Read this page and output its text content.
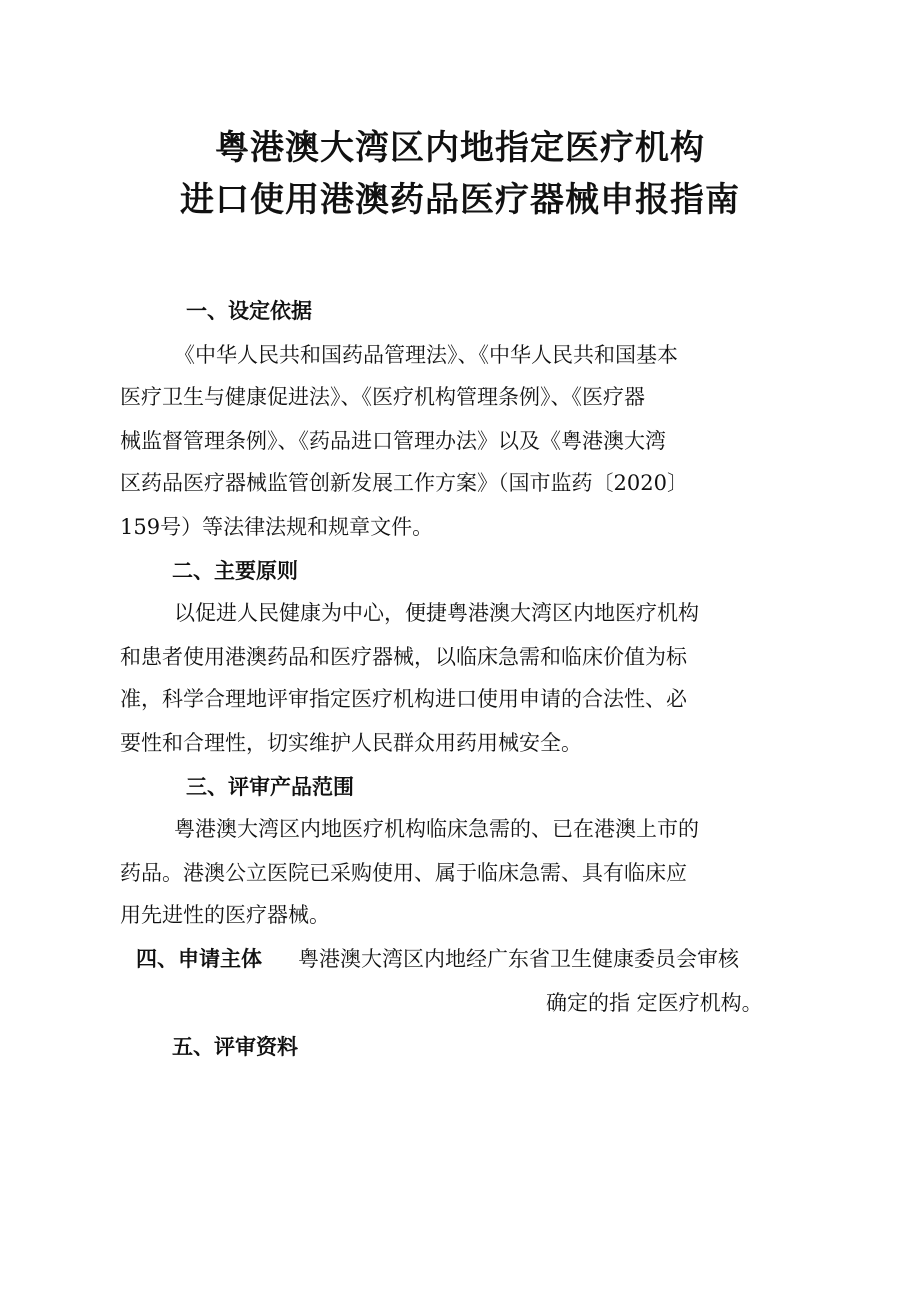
粤港澳大湾区内地指定医疗机构
进口使用港澳药品医疗器械申报指南
一、设定依据
《中华人民共和国药品管理法》、《中华人民共和国基本
医疗卫生与健康促进法》、《医疗机构管理条例》、《医疗器
械监督管理条例》、《药品进口管理办法》以及《粤港澳大湾
区药品医疗器械监管创新发展工作方案》（国市监药〔2020〕
159号）等法律法规和规章文件。
二、主要原则
以促进人民健康为中心，便捷粤港澳大湾区内地医疗机构
和患者使用港澳药品和医疗器械，以临床急需和临床价值为标
准，科学合理地评审指定医疗机构进口使用申请的合法性、必
要性和合理性，切实维护人民群众用药用械安全。
三、评审产品范围
粤港澳大湾区内地医疗机构临床急需的、已在港澳上市的
药品。港澳公立医院已采购使用、属于临床急需、具有临床应
用先进性的医疗器械。
四、申请主体 粤港澳大湾区内地经广东省卫生健康委员会审核
确定的指 定医疗机构。
五、评审资料
